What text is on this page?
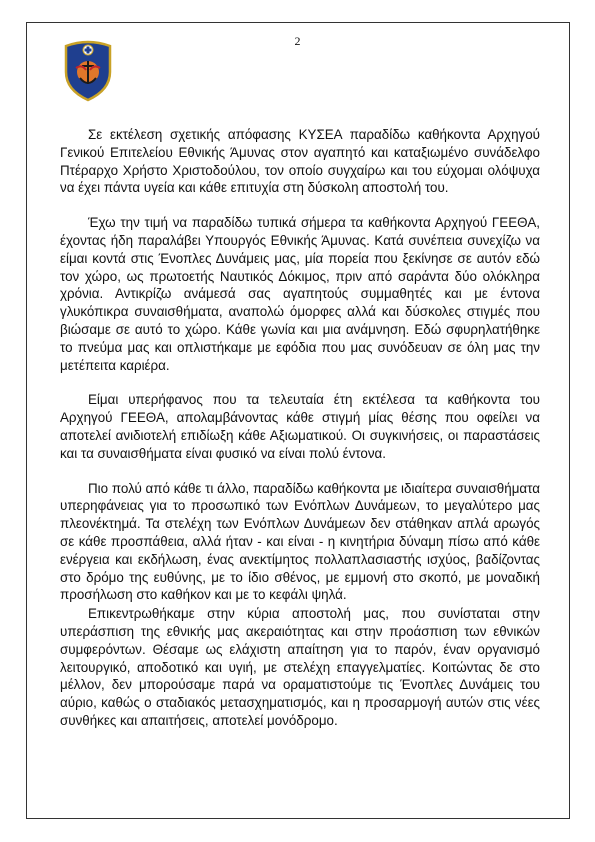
2

Σε εκτέλεση σχετικής απόφασης ΚΥΣΕΑ παραδίδω καθήκοντα Αρχηγού Γενικού Επιτελείου Εθνικής Άμυνας στον αγαπητό και καταξιωμένο συνάδελφο Πτέραρχο Χρήστο Χριστοδούλου, τον οποίο συγχαίρω και του εύχομαι ολόψυχα να έχει πάντα υγεία και κάθε επιτυχία στη δύσκολη αποστολή του.

Έχω την τιμή να παραδίδω τυπικά σήμερα τα καθήκοντα Αρχηγού ΓΕΕΘΑ, έχοντας ήδη παραλάβει Υπουργός Εθνικής Άμυνας. Κατά συνέπεια συνεχίζω να είμαι κοντά στις Ένοπλες Δυνάμεις μας, μία πορεία που ξεκίνησε σε αυτόν εδώ τον χώρο, ως πρωτοετής Ναυτικός Δόκιμος, πριν από σαράντα δύο ολόκληρα χρόνια. Αντικρίζω ανάμεσά σας αγαπητούς συμμαθητές και με έντονα γλυκόπικρα συναισθήματα, αναπολώ όμορφες αλλά και δύσκολες στιγμές που βιώσαμε σε αυτό το χώρο. Κάθε γωνία και μια ανάμνηση. Εδώ σφυρηλατήθηκε το πνεύμα μας και οπλιστήκαμε με εφόδια που μας συνόδευαν σε όλη μας την μετέπειτα καριέρα.

Είμαι υπερήφανος που τα τελευταία έτη εκτέλεσα τα καθήκοντα του Αρχηγού ΓΕΕΘΑ, απολαμβάνοντας κάθε στιγμή μίας θέσης που οφείλει να αποτελεί ανιδιοτελή επιδίωξη κάθε Αξιωματικού. Οι συγκινήσεις, οι παραστάσεις και τα συναισθήματα είναι φυσικό να είναι πολύ έντονα.

Πιο πολύ από κάθε τι άλλο, παραδίδω καθήκοντα με ιδιαίτερα συναισθήματα υπερηφάνειας για το προσωπικό των Ενόπλων Δυνάμεων, το μεγαλύτερο μας πλεονέκτημά. Τα στελέχη των Ενόπλων Δυνάμεων δεν στάθηκαν απλά αρωγός σε κάθε προσπάθεια, αλλά ήταν - και είναι - η κινητήρια δύναμη πίσω από κάθε ενέργεια και εκδήλωση, ένας ανεκτίμητος πολλαπλασιαστής ισχύος, βαδίζοντας στο δρόμο της ευθύνης, με το ίδιο σθένος, με εμμονή στο σκοπό, με μοναδική προσήλωση στο καθήκον και με το κεφάλι ψηλά.

Επικεντρωθήκαμε στην κύρια αποστολή μας, που συνίσταται στην υπεράσπιση της εθνικής μας ακεραιότητας και στην προάσπιση των εθνικών συμφερόντων. Θέσαμε ως ελάχιστη απαίτηση για το παρόν, έναν οργανισμό λειτουργικό, αποδοτικό και υγιή, με στελέχη επαγγελματίες. Κοιτώντας δε στο μέλλον, δεν μπορούσαμε παρά να οραματιστούμε τις Ένοπλες Δυνάμεις του αύριο, καθώς ο σταδιακός μετασχηματισμός, και η προσαρμογή αυτών στις νέες συνθήκες και απαιτήσεις, αποτελεί μονόδρομο.
